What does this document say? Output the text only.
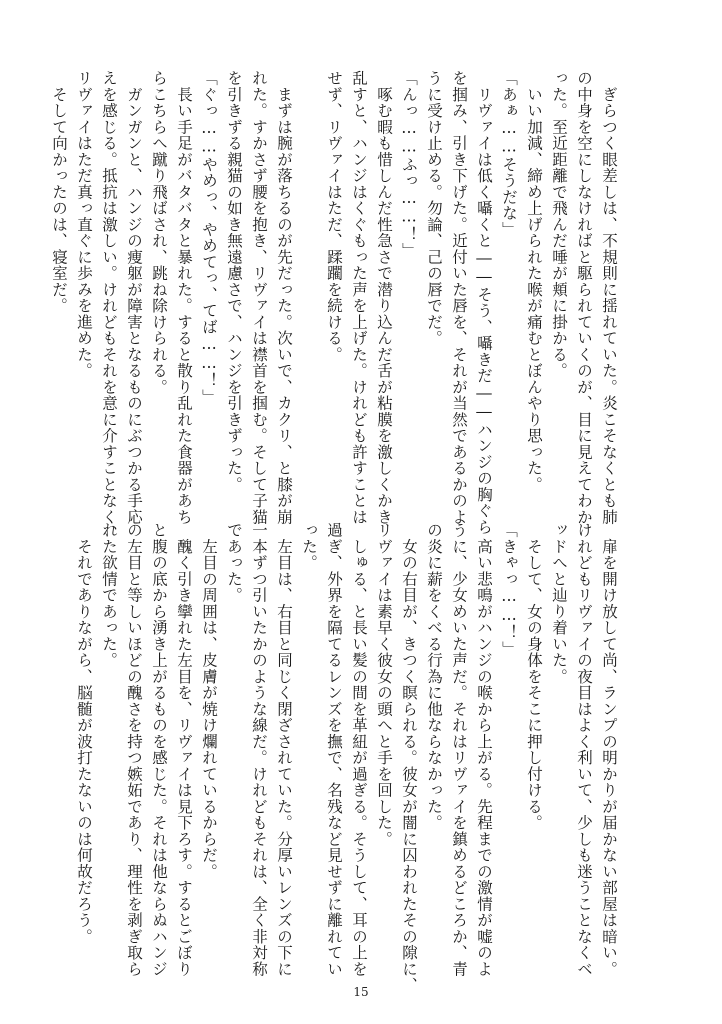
　ぎらつく眼差しは、不規則に揺れていた。炎こそなくとも肺
の中身を空にしなければと駆られていくのが、目に見えてわか
った。至近距離で飛んだ唾が頬に掛かる。
　いい加減、締め上げられた喉が痛むとぼんやり思った。
「あぁ……そうだな」
　リヴァイは低く囁くと――そう、囁きだ――ハンジの胸ぐら
を掴み、引き下げた。近付いた唇を、それが当然であるかのよ
うに受け止める。勿論、己の唇でだ。
「んっ……ふっ……！」
　啄む暇も惜しんだ性急さで潜り込んだ舌が粘膜を激しくかき
乱すと、ハンジはくぐもった声を上げた。けれども許すことは
せず、リヴァイはただ、蹂躙を続ける。
　まずは腕が落ちるのが先だった。次いで、カクリ、と膝が崩
れた。すかさず腰を抱き、リヴァイは襟首を掴む。そして子猫
を引きずる親猫の如き無遠慮さで、ハンジを引きずった。
「ぐっ……やめっ、やめてっ、てば……！」
　長い手足がバタバタと暴れた。すると散り乱れた食器があち
らこちらへ蹴り飛ばされ、跳ね除けられる。
　ガンガンと、ハンジの痩躯が障害となるものにぶつかる手応
えを感じる。抵抗は激しい。けれどもそれを意に介すことなく、
リヴァイはただ真っ直ぐに歩みを進めた。
　そして向かったのは、寝室だ。
　扉を開け放して尚、ランプの明かりが届かない部屋は暗い。
けれどもリヴァイの夜目はよく利いて、少しも迷うことなくベ
ッドへと辿り着いた。
　そして、女の身体をそこに押し付ける。
「きゃっ……！」
　高い悲鳴がハンジの喉から上がる。先程までの激情が嘘のよ
うに、少女めいた声だ。それはリヴァイを鎮めるどころか、青
の炎に薪をくべる行為に他ならなかった。
　女の右目が、きつく瞑られる。彼女が闇に囚われたその隙に、
リヴァイは素早く彼女の頭へと手を回した。
　しゅる、と長い髪の間を革紐が過ぎる。そうして、耳の上を
過ぎ、外界を隔てるレンズを撫で、名残など見せずに離れてい
った。
　左目は、右目と同じく閉ざされていた。分厚いレンズの下に
一本ずつ引いたかのような線だ。けれどもそれは、全く非対称
であった。
　左目の周囲は、皮膚が焼け爛れているからだ。
　醜く引き攣れた左目を、リヴァイは見下ろす。するとごぼり
と腹の底から湧き上がるものを感じた。それは他ならぬハンジ
の左目と等しいほどの醜さを持つ嫉妬であり、理性を剥ぎ取ら
れた欲情であった。
　それでありながら、脳髄が波打たないのは何故だろう。
15
